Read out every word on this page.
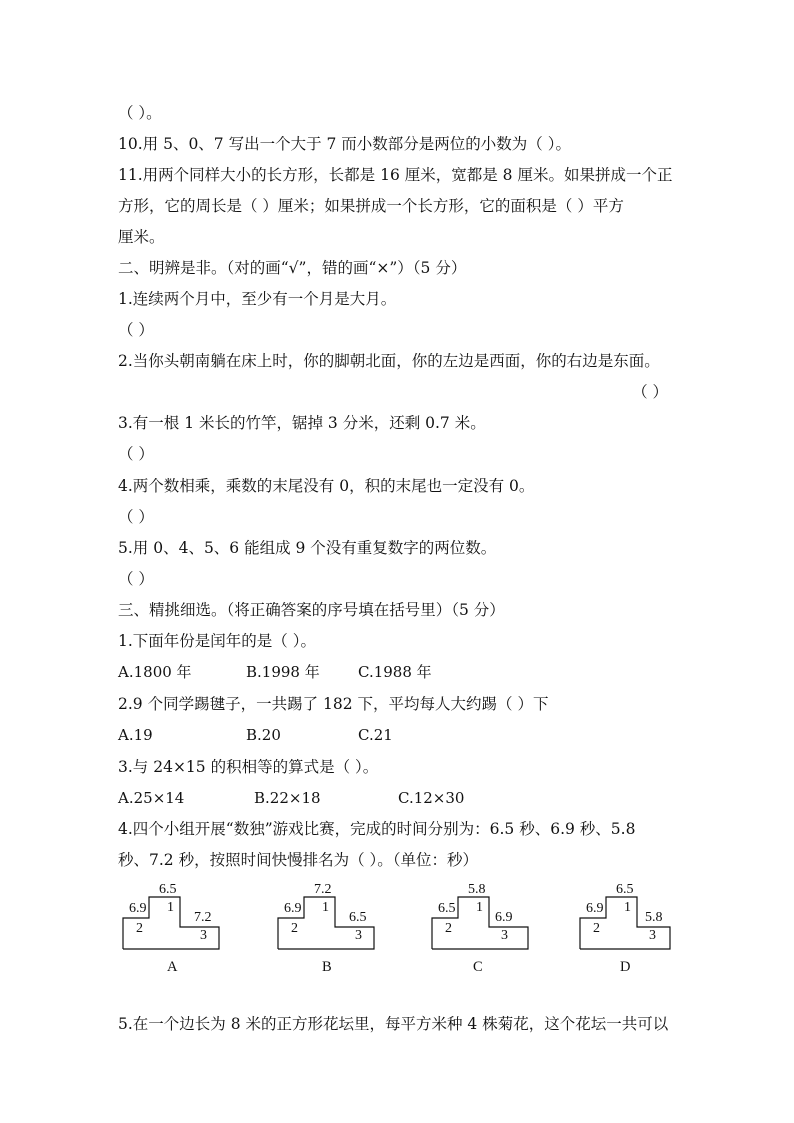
（ ）。
10.用 5、0、7 写出一个大于 7 而小数部分是两位的小数为（ ）。
11.用两个同样大小的长方形，长都是 16 厘米，宽都是 8 厘米。如果拼成一个正
方形，它的周长是（ ）厘米；如果拼成一个长方形，它的面积是（ ）平方
厘米。
二、明辨是非。（对的画“√”，错的画“×”）（5 分）
1.连续两个月中，至少有一个月是大月。
（ ）
2.当你头朝南躺在床上时，你的脚朝北面，你的左边是西面，你的右边是东面。
（ ）
3.有一根 1 米长的竹竿，锯掉 3 分米，还剩 0.7 米。
（ ）
4.两个数相乘，乘数的末尾没有 0，积的末尾也一定没有 0。
（ ）
5.用 0、4、5、6 能组成 9 个没有重复数字的两位数。
（ ）
三、精挑细选。（将正确答案的序号填在括号里）（5 分）
1.下面年份是闰年的是（ ）。
A.1800 年	B.1998 年	C.1988 年
2.9 个同学踢毽子，一共踢了 182 下，平均每人大约踢（ ）下
A.19	B.20	C.21
3.与 24×15 的积相等的算式是（ ）。
A.25×14	B.22×18	C.12×30
4.四个小组开展“数独”游戏比赛，完成的时间分别为：6.5 秒、6.9 秒、5.8
秒、7.2 秒，按照时间快慢排名为（ ）。（单位：秒）
6.5
6.9
7.2
1
2	3
A
7.2
6.9
6.5
1
2	3
B
5.8
6.5
6.9
1
2	3
C
6.5
6.9
5.8
1
2	3
D
5.在一个边长为 8 米的正方形花坛里，每平方米种 4 株菊花，这个花坛一共可以
